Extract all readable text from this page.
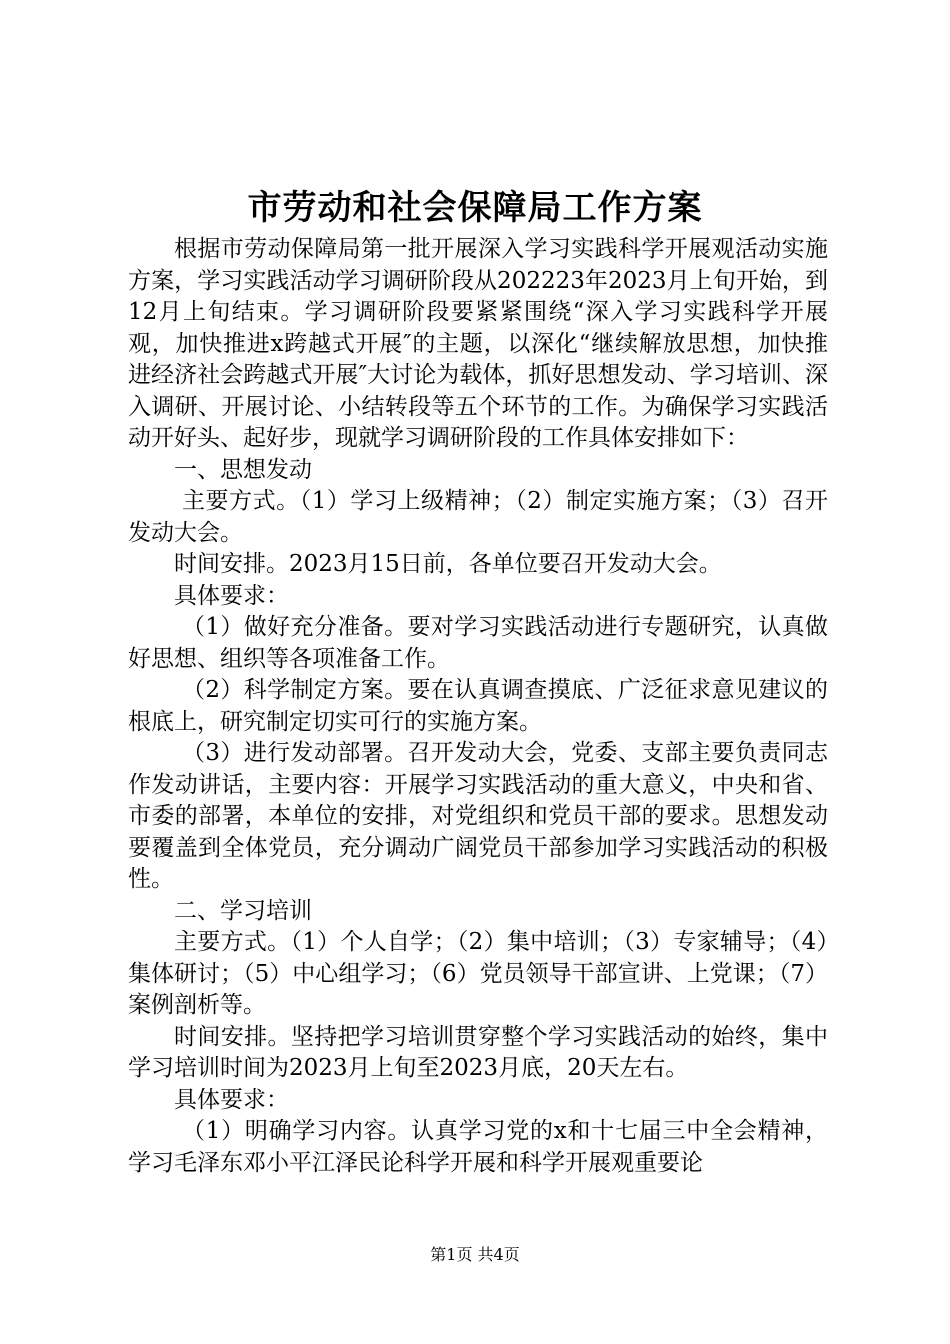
市劳动和社会保障局工作方案

根据市劳动保障局第一批开展深入学习实践科学开展观活动实施方案，学习实践活动学习调研阶段从202223年2023月上旬开始，到12月上旬结束。学习调研阶段要紧紧围绕“深入学习实践科学开展观，加快推进x跨越式开展″的主题，以深化“继续解放思想，加快推进经济社会跨越式开展″大讨论为载体，抓好思想发动、学习培训、深入调研、开展讨论、小结转段等五个环节的工作。为确保学习实践活动开好头、起好步，现就学习调研阶段的工作具体安排如下：

一、思想发动

主要方式。（1）学习上级精神；（2）制定实施方案；（3）召开发动大会。

时间安排。2023月15日前，各单位要召开发动大会。

具体要求：

（1）做好充分准备。要对学习实践活动进行专题研究，认真做好思想、组织等各项准备工作。

（2）科学制定方案。要在认真调查摸底、广泛征求意见建议的根底上，研究制定切实可行的实施方案。

（3）进行发动部署。召开发动大会，党委、支部主要负责同志作发动讲话，主要内容：开展学习实践活动的重大意义，中央和省、市委的部署，本单位的安排，对党组织和党员干部的要求。思想发动要覆盖到全体党员，充分调动广阔党员干部参加学习实践活动的积极性。

二、学习培训

主要方式。（1）个人自学；（2）集中培训；（3）专家辅导；（4）集体研讨；（5）中心组学习；（6）党员领导干部宣讲、上党课；（7）案例剖析等。

时间安排。坚持把学习培训贯穿整个学习实践活动的始终，集中学习培训时间为2023月上旬至2023月底，20天左右。

具体要求：

（1）明确学习内容。认真学习党的x和十七届三中全会精神，学习毛泽东邓小平江泽民论科学开展和科学开展观重要论

第1页 共4页
